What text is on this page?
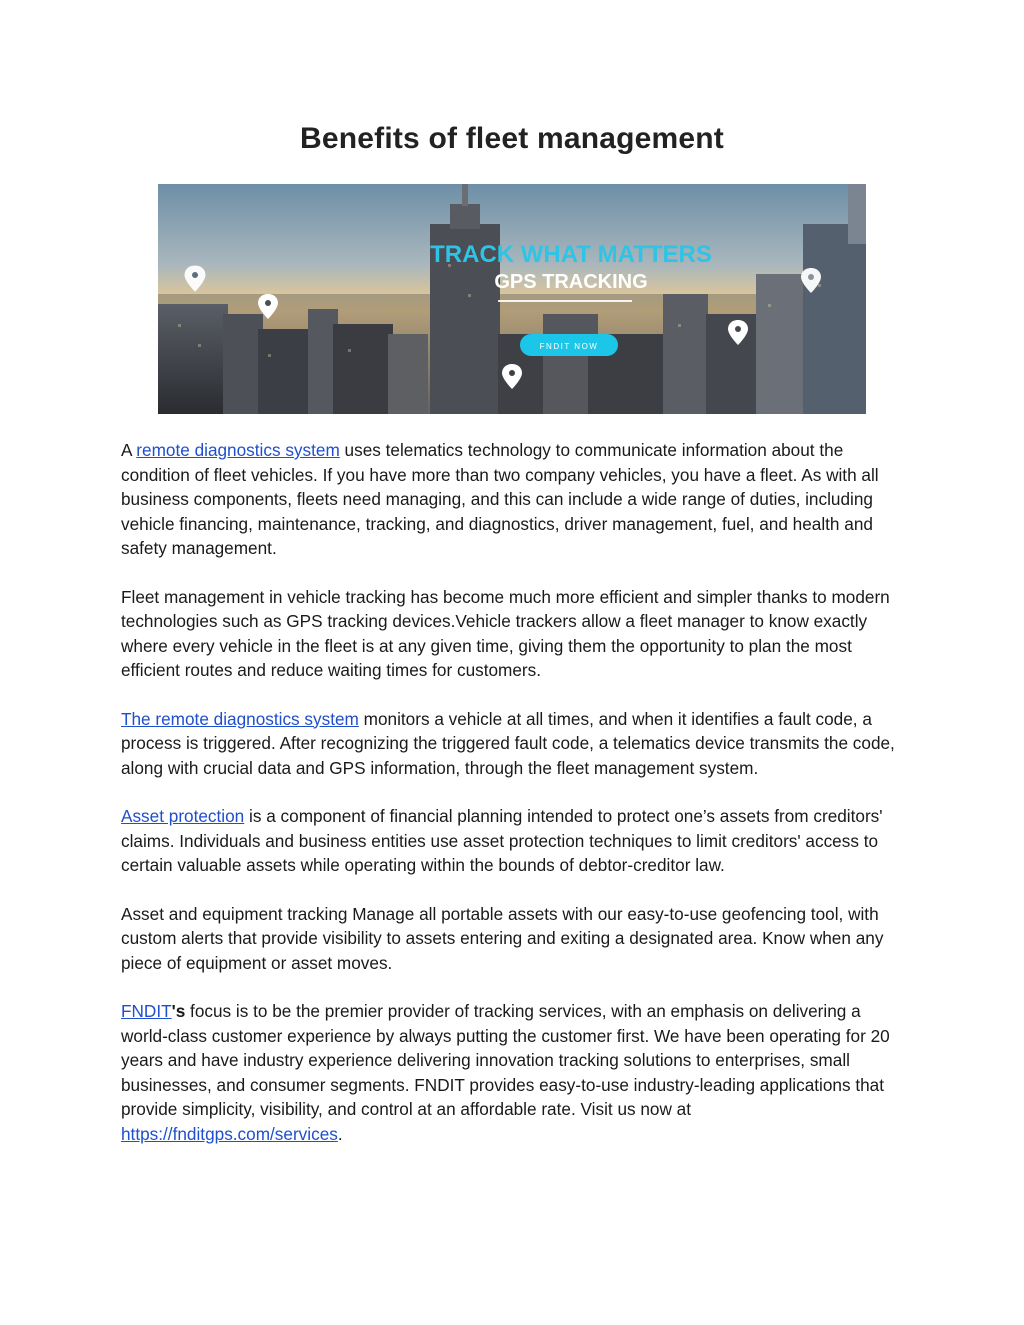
Benefits of fleet management
TRACK WHAT MATTERS
GPS TRACKING
FNDIT NOW

A remote diagnostics system uses telematics technology to communicate information about the condition of fleet vehicles. If you have more than two company vehicles, you have a fleet. As with all business components, fleets need managing, and this can include a wide range of duties, including vehicle financing, maintenance, tracking, and diagnostics, driver management, fuel, and health and safety management.

Fleet management in vehicle tracking has become much more efficient and simpler thanks to modern technologies such as GPS tracking devices.Vehicle trackers allow a fleet manager to know exactly where every vehicle in the fleet is at any given time, giving them the opportunity to plan the most efficient routes and reduce waiting times for customers.

The remote diagnostics system monitors a vehicle at all times, and when it identifies a fault code, a process is triggered. After recognizing the triggered fault code, a telematics device transmits the code, along with crucial data and GPS information, through the fleet management system.

Asset protection is a component of financial planning intended to protect one’s assets from creditors' claims. Individuals and business entities use asset protection techniques to limit creditors' access to certain valuable assets while operating within the bounds of debtor-creditor law.

Asset and equipment tracking Manage all portable assets with our easy-to-use geofencing tool, with custom alerts that provide visibility to assets entering and exiting a designated area. Know when any piece of equipment or asset moves.

FNDIT's focus is to be the premier provider of tracking services, with an emphasis on delivering a world-class customer experience by always putting the customer first. We have been operating for 20 years and have industry experience delivering innovation tracking solutions to enterprises, small businesses, and consumer segments. FNDIT provides easy-to-use industry-leading applications that provide simplicity, visibility, and control at an affordable rate. Visit us now at https://fnditgps.com/services.
